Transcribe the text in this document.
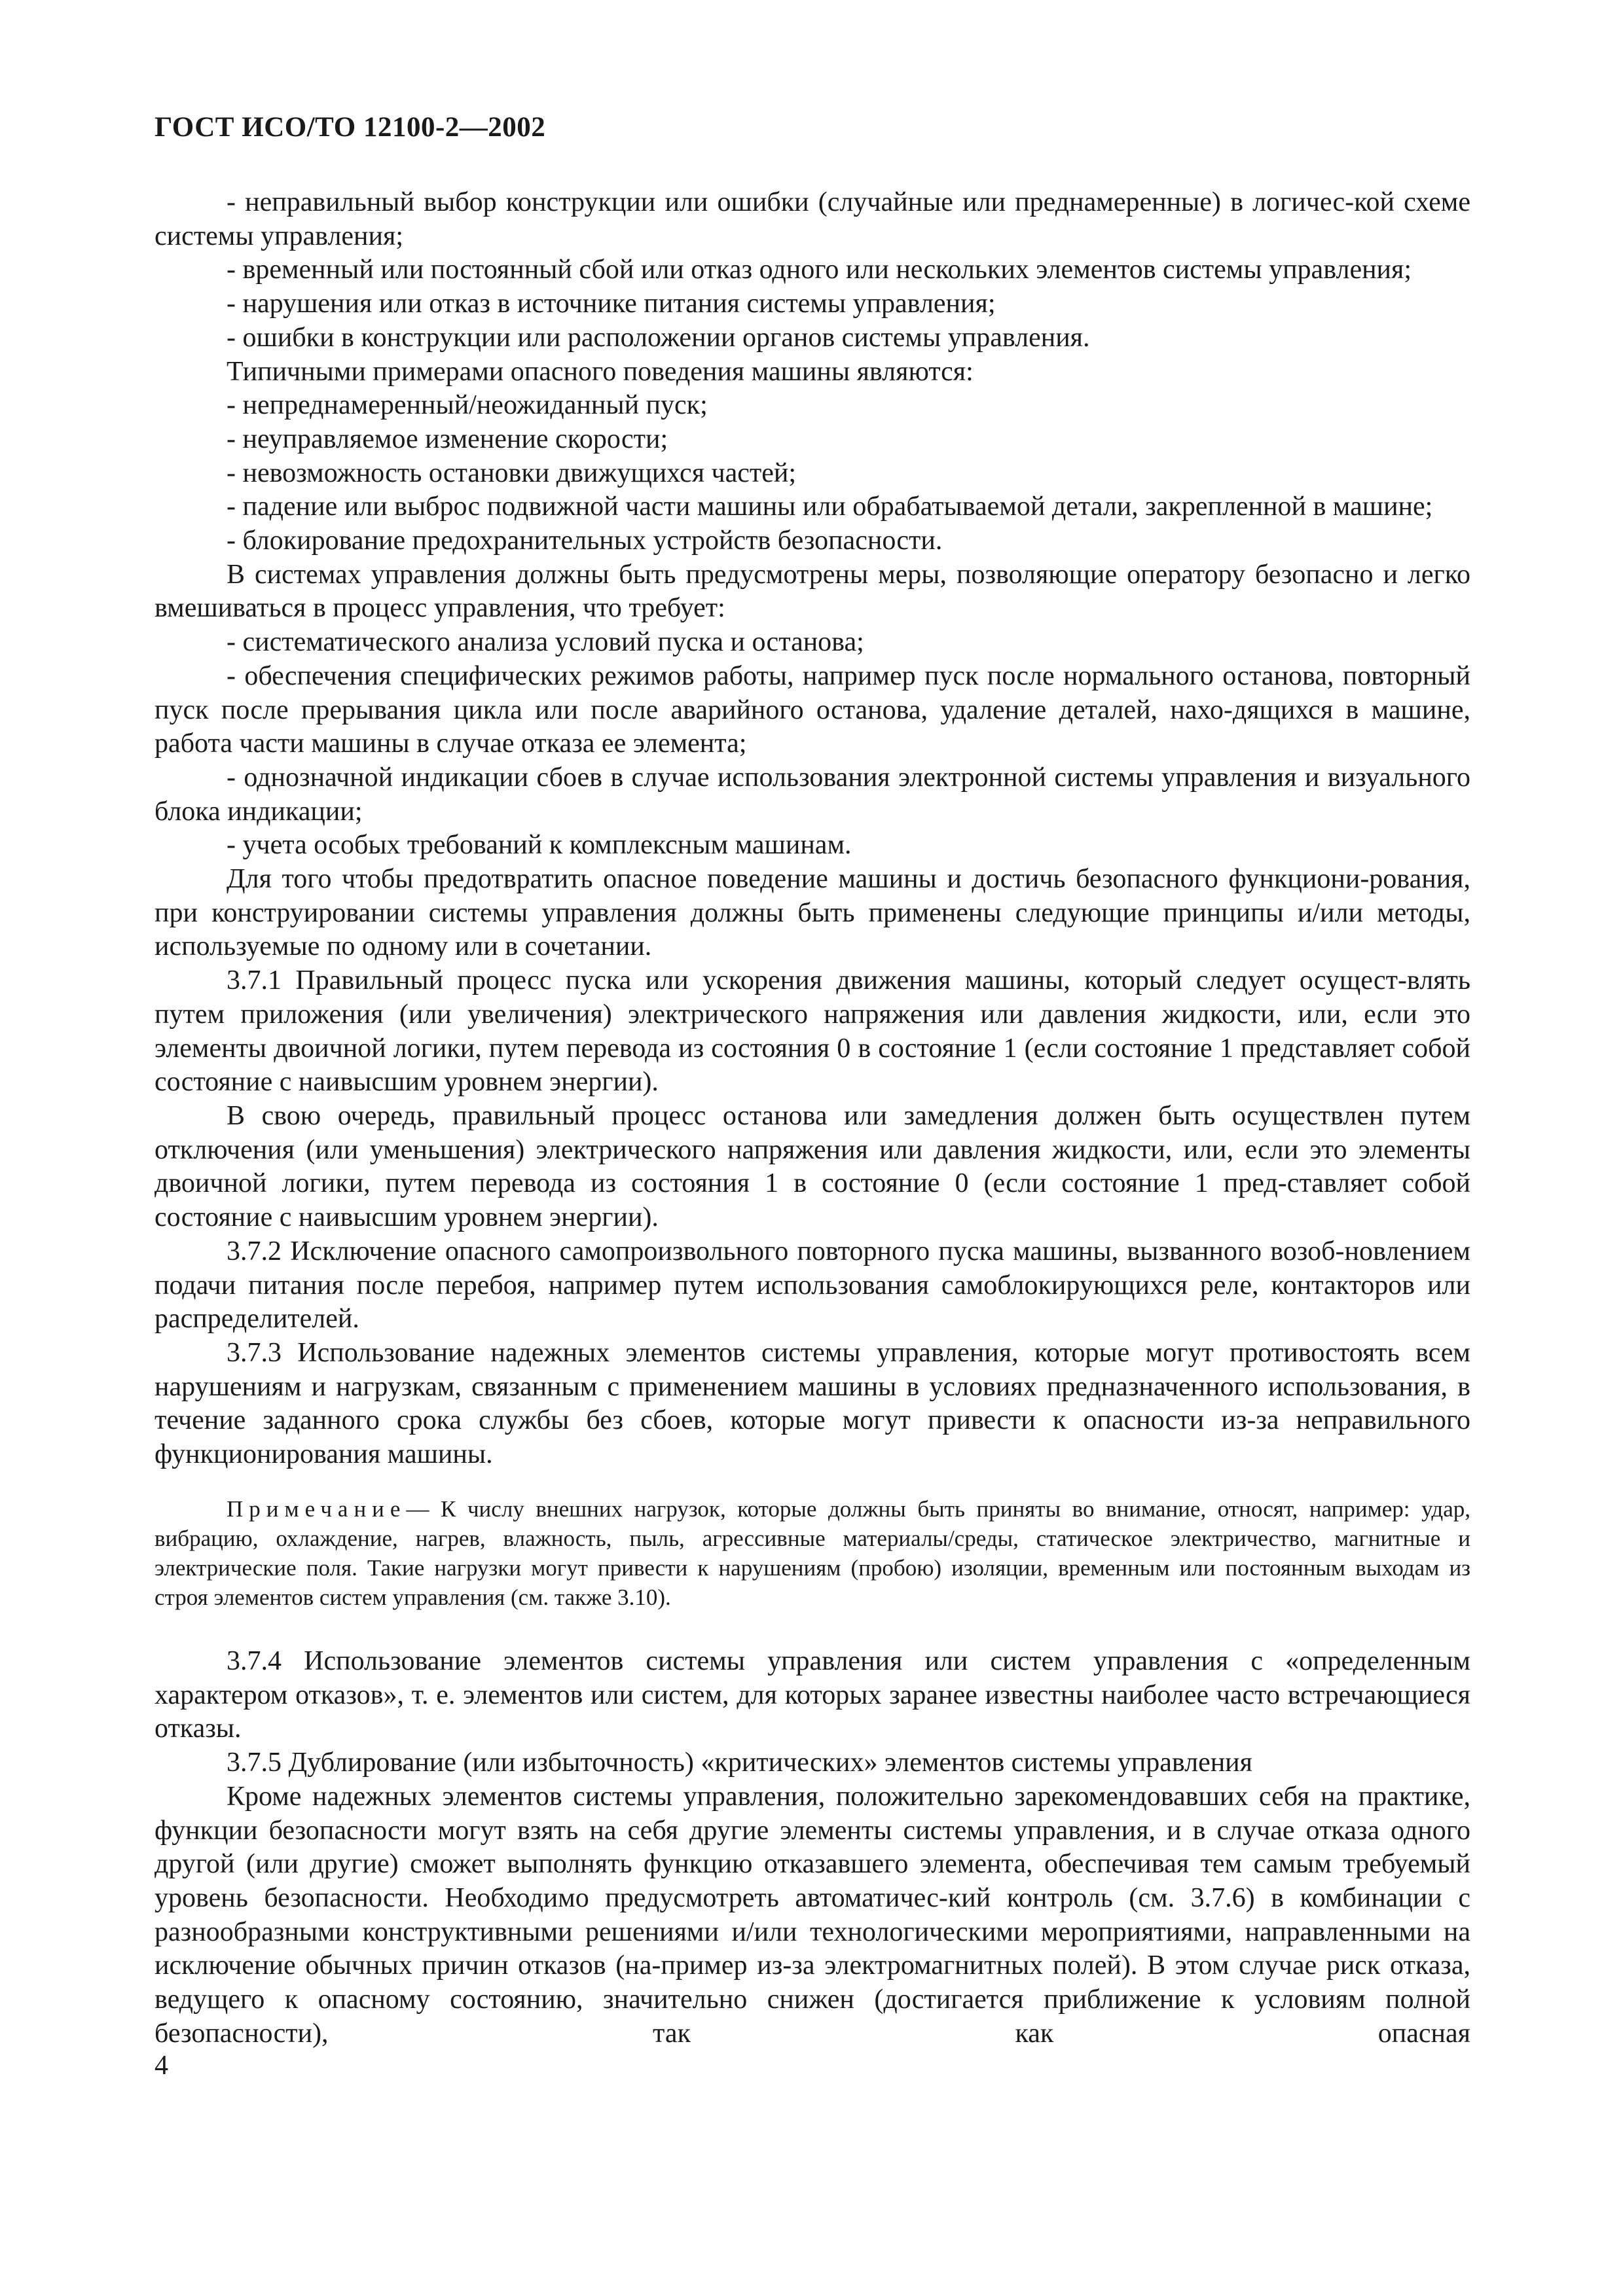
ГОСТ ИСО/ТО 12100-2—2002

- неправильный выбор конструкции или ошибки (случайные или преднамеренные) в логичес-кой схеме системы управления;

- временный или постоянный сбой или отказ одного или нескольких элементов системы управления;

- нарушения или отказ в источнике питания системы управления;

- ошибки в конструкции или расположении органов системы управления.

Типичными примерами опасного поведения машины являются:

- непреднамеренный/неожиданный пуск;

- неуправляемое изменение скорости;

- невозможность остановки движущихся частей;

- падение или выброс подвижной части машины или обрабатываемой детали, закрепленной в машине;

- блокирование предохранительных устройств безопасности.

В системах управления должны быть предусмотрены меры, позволяющие оператору безопасно и легко вмешиваться в процесс управления, что требует:

- систематического анализа условий пуска и останова;

- обеспечения специфических режимов работы, например пуск после нормального останова, повторный пуск после прерывания цикла или после аварийного останова, удаление деталей, нахо-дящихся в машине, работа части машины в случае отказа ее элемента;

- однозначной индикации сбоев в случае использования электронной системы управления и визуального блока индикации;

- учета особых требований к комплексным машинам.

Для того чтобы предотвратить опасное поведение машины и достичь безопасного функциони-рования, при конструировании системы управления должны быть применены следующие принципы и/или методы, используемые по одному или в сочетании.

3.7.1 Правильный процесс пуска или ускорения движения машины, который следует осущест-влять путем приложения (или увеличения) электрического напряжения или давления жидкости, или, если это элементы двоичной логики, путем перевода из состояния 0 в состояние 1 (если состояние 1 представляет собой состояние с наивысшим уровнем энергии).

В свою очередь, правильный процесс останова или замедления должен быть осуществлен путем отключения (или уменьшения) электрического напряжения или давления жидкости, или, если это элементы двоичной логики, путем перевода из состояния 1 в состояние 0 (если состояние 1 пред-ставляет собой состояние с наивысшим уровнем энергии).

3.7.2 Исключение опасного самопроизвольного повторного пуска машины, вызванного возоб-новлением подачи питания после перебоя, например путем использования самоблокирующихся реле, контакторов или распределителей.

3.7.3 Использование надежных элементов системы управления, которые могут противостоять всем нарушениям и нагрузкам, связанным с применением машины в условиях предназначенного использования, в течение заданного срока службы без сбоев, которые могут привести к опасности из-за неправильного функционирования машины.

Примечание— К числу внешних нагрузок, которые должны быть приняты во внимание, относят, например: удар, вибрацию, охлаждение, нагрев, влажность, пыль, агрессивные материалы/среды, статическое электричество, магнитные и электрические поля. Такие нагрузки могут привести к нарушениям (пробою) изоляции, временным или постоянным выходам из строя элементов систем управления (см. также 3.10).

3.7.4 Использование элементов системы управления или систем управления с «определенным характером отказов», т. е. элементов или систем, для которых заранее известны наиболее часто встречающиеся отказы.

3.7.5 Дублирование (или избыточность) «критических» элементов системы управления

Кроме надежных элементов системы управления, положительно зарекомендовавших себя на практике, функции безопасности могут взять на себя другие элементы системы управления, и в случае отказа одного другой (или другие) сможет выполнять функцию отказавшего элемента, обеспечивая тем самым требуемый уровень безопасности. Необходимо предусмотреть автоматичес-кий контроль (см. 3.7.6) в комбинации с разнообразными конструктивными решениями и/или технологическими мероприятиями, направленными на исключение обычных причин отказов (на-пример из-за электромагнитных полей). В этом случае риск отказа, ведущего к опасному состоянию, значительно снижен (достигается приближение к условиям полной безопасности), так как опасная

4
